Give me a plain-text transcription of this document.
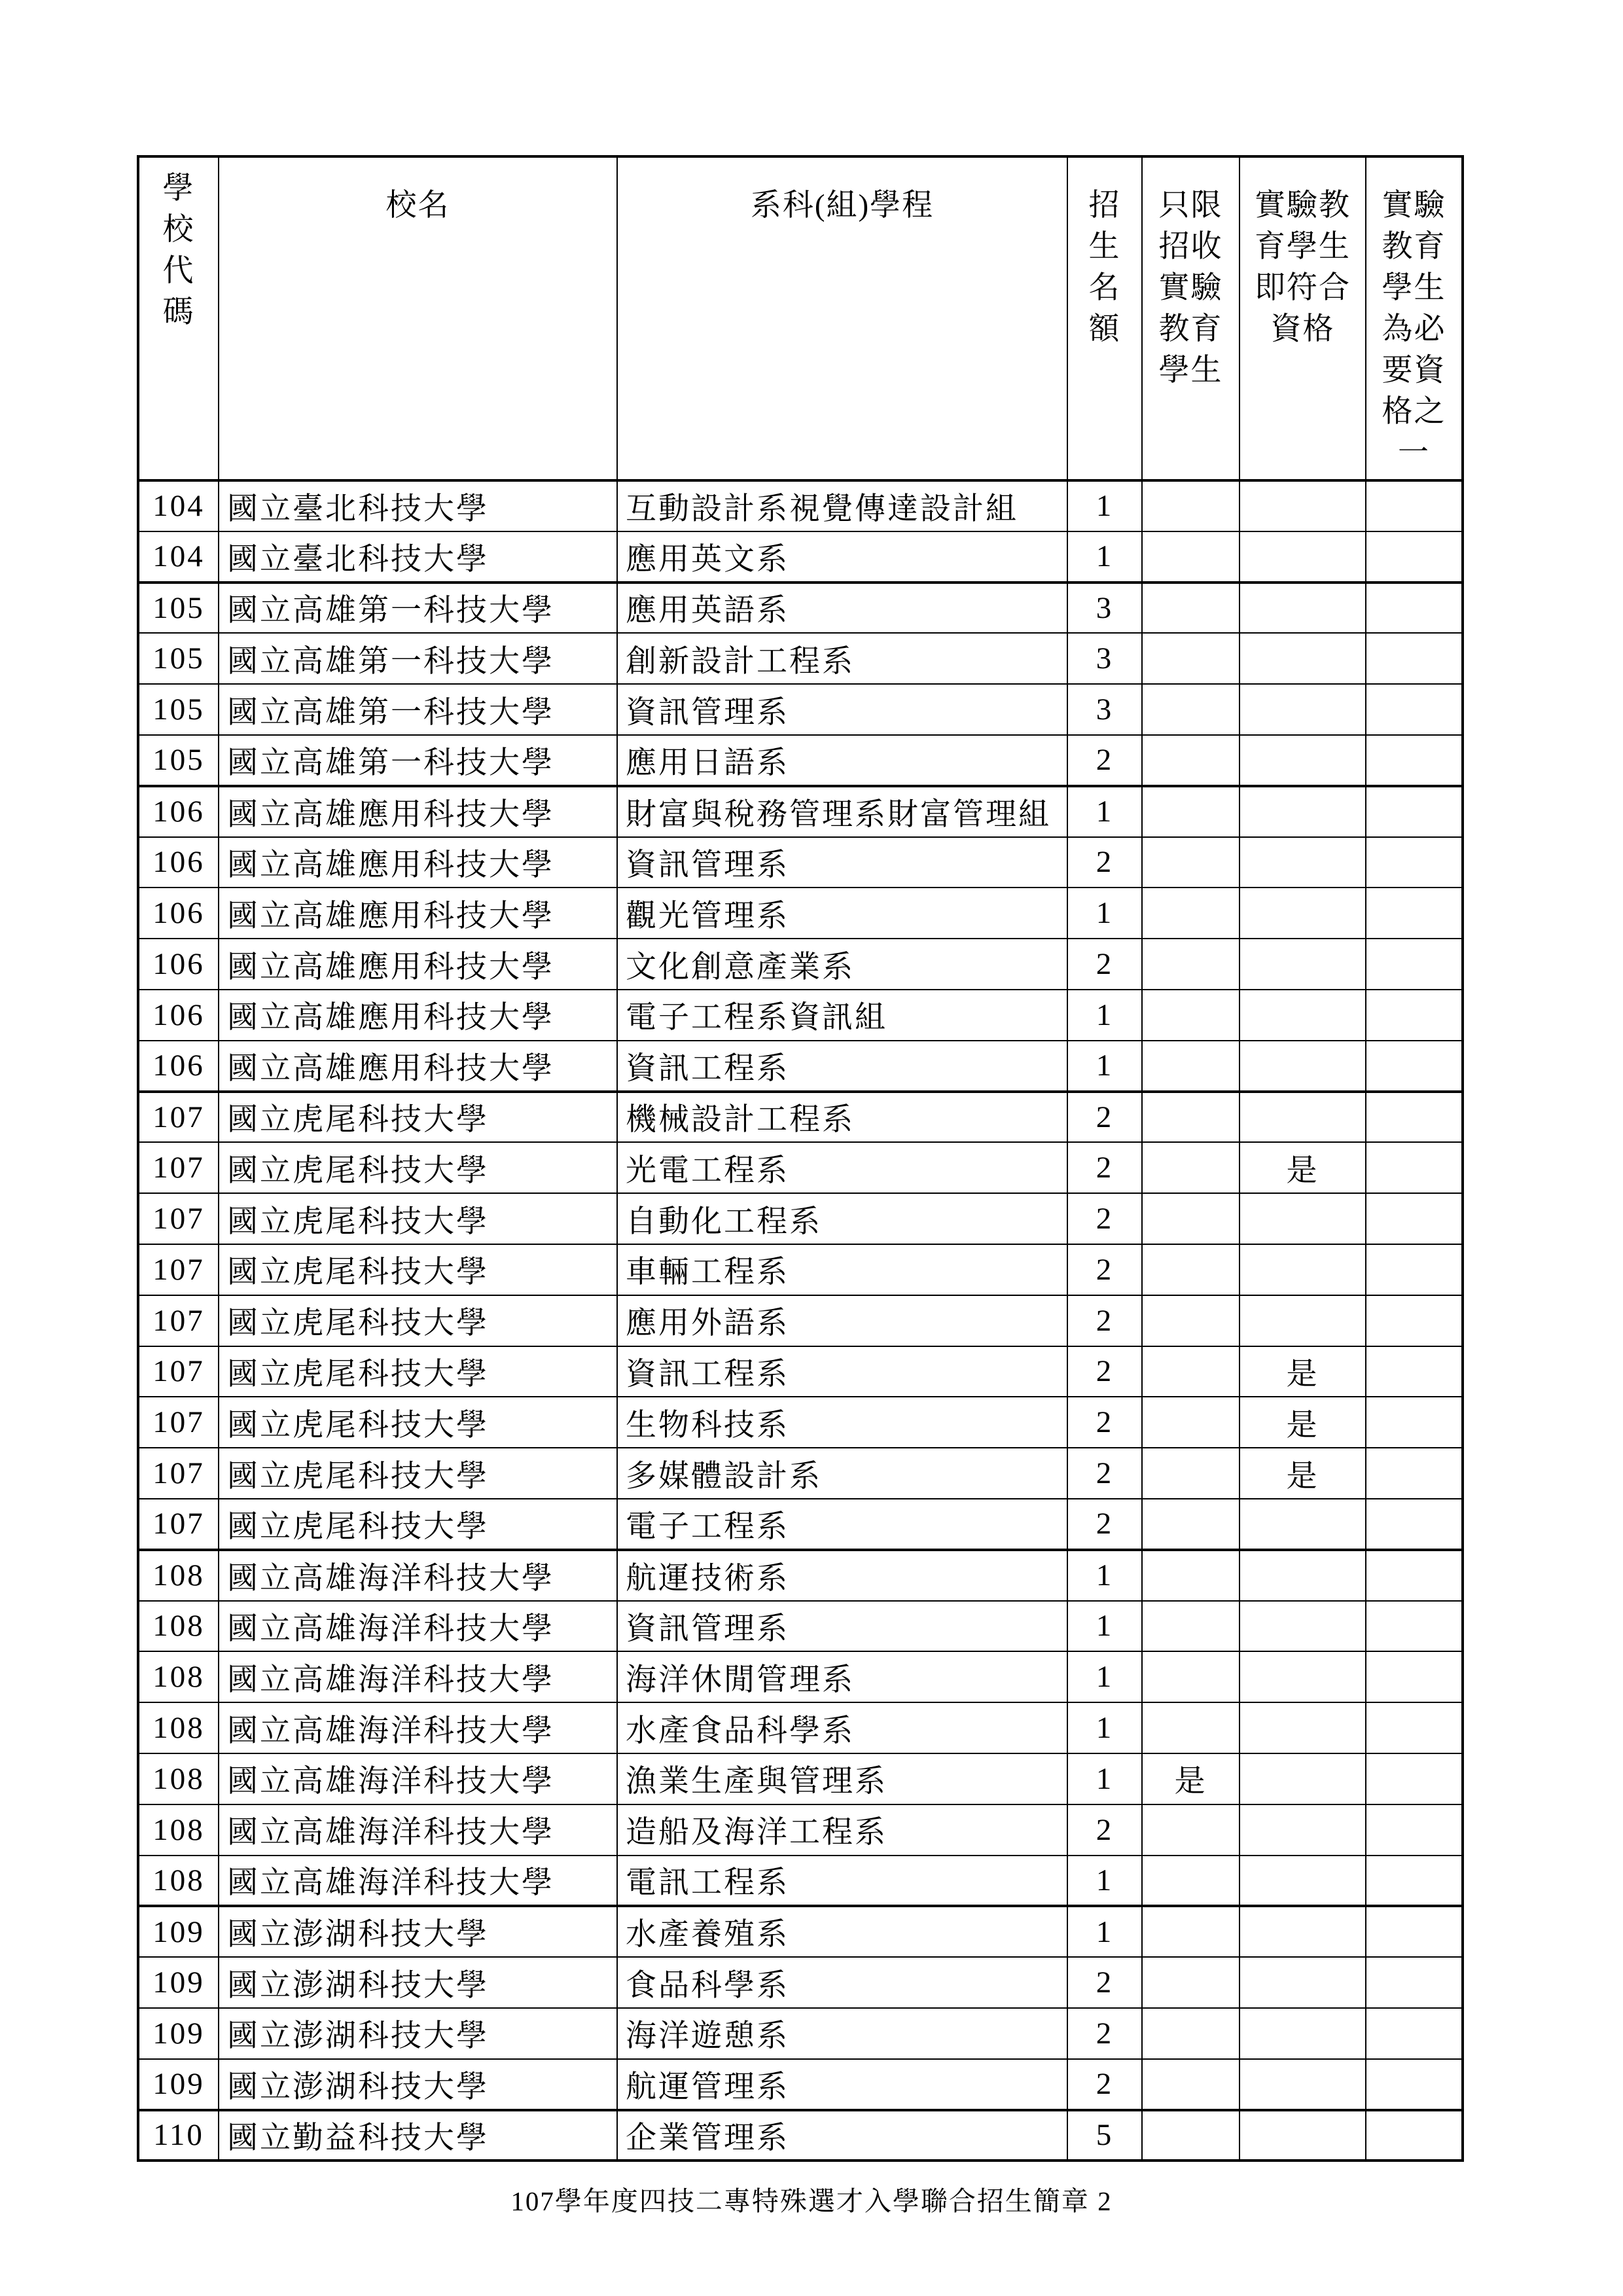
學校代碼	校名	系科(組)學程	招生名額	只限招收實驗教育學生	實驗教育學生即符合資格	實驗教育學生為必要資格之一
104	國立臺北科技大學	互動設計系視覺傳達設計組	1			
104	國立臺北科技大學	應用英文系	1			
105	國立高雄第一科技大學	應用英語系	3			
105	國立高雄第一科技大學	創新設計工程系	3			
105	國立高雄第一科技大學	資訊管理系	3			
105	國立高雄第一科技大學	應用日語系	2			
106	國立高雄應用科技大學	財富與稅務管理系財富管理組	1			
106	國立高雄應用科技大學	資訊管理系	2			
106	國立高雄應用科技大學	觀光管理系	1			
106	國立高雄應用科技大學	文化創意產業系	2			
106	國立高雄應用科技大學	電子工程系資訊組	1			
106	國立高雄應用科技大學	資訊工程系	1			
107	國立虎尾科技大學	機械設計工程系	2			
107	國立虎尾科技大學	光電工程系	2		是	
107	國立虎尾科技大學	自動化工程系	2			
107	國立虎尾科技大學	車輛工程系	2			
107	國立虎尾科技大學	應用外語系	2			
107	國立虎尾科技大學	資訊工程系	2		是	
107	國立虎尾科技大學	生物科技系	2		是	
107	國立虎尾科技大學	多媒體設計系	2		是	
107	國立虎尾科技大學	電子工程系	2			
108	國立高雄海洋科技大學	航運技術系	1			
108	國立高雄海洋科技大學	資訊管理系	1			
108	國立高雄海洋科技大學	海洋休閒管理系	1			
108	國立高雄海洋科技大學	水產食品科學系	1			
108	國立高雄海洋科技大學	漁業生產與管理系	1	是		
108	國立高雄海洋科技大學	造船及海洋工程系	2			
108	國立高雄海洋科技大學	電訊工程系	1			
109	國立澎湖科技大學	水產養殖系	1			
109	國立澎湖科技大學	食品科學系	2			
109	國立澎湖科技大學	海洋遊憩系	2			
109	國立澎湖科技大學	航運管理系	2			
110	國立勤益科技大學	企業管理系	5			
107學年度四技二專特殊選才入學聯合招生簡章 2
